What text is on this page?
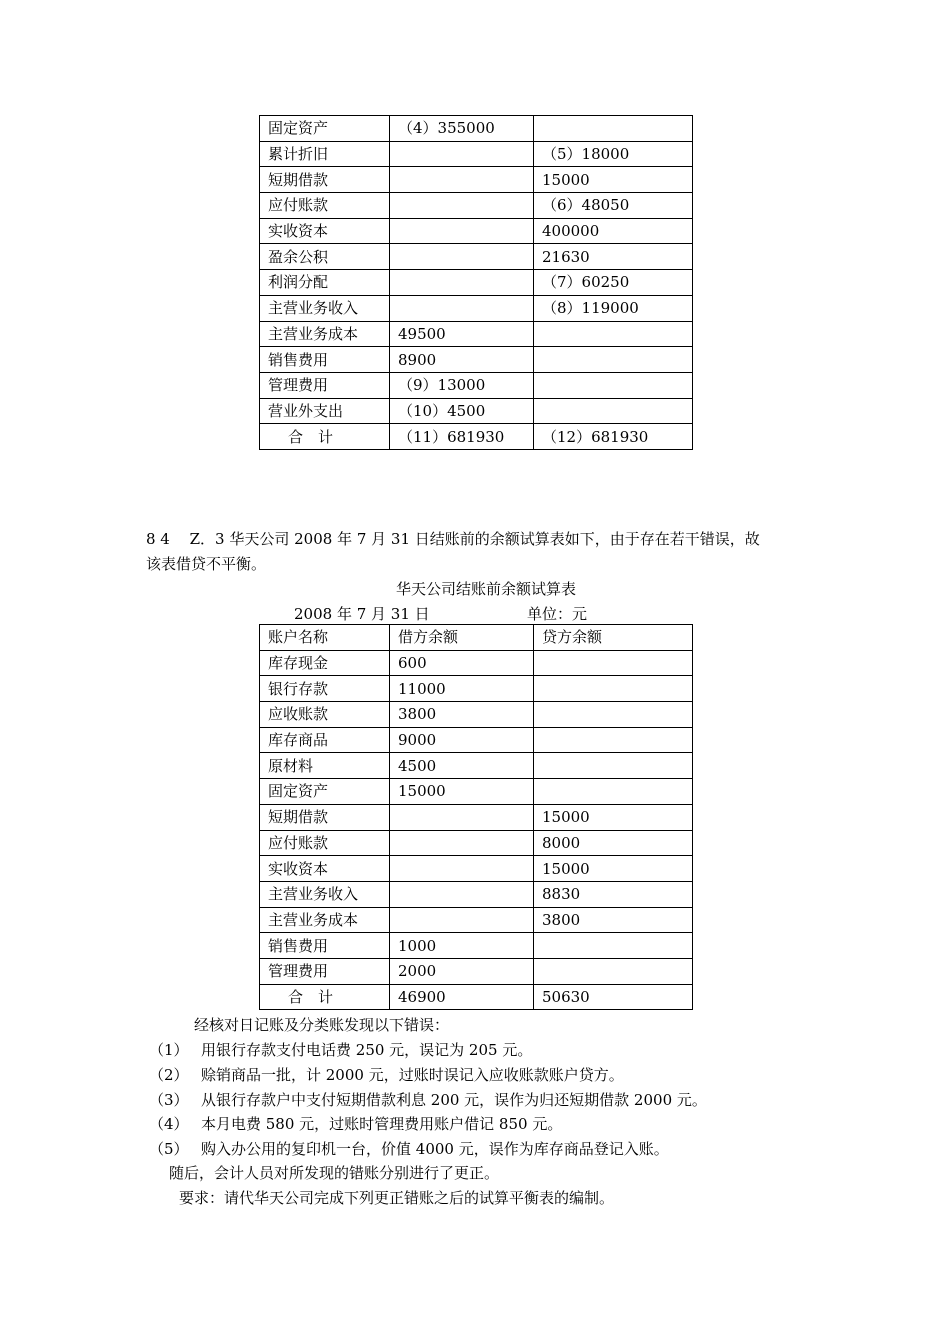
固定资产	（4）355000	
累计折旧		（5）18000
短期借款		15000
应付账款		（6）48050
实收资本		400000
盈余公积		21630
利润分配		（7）60250
主营业务收入		（8）119000
主营业务成本	49500	
销售费用	8900	
管理费用	（9）13000	
营业外支出	（10）4500	
合　计	（11）681930	（12）681930
8 4　 Z．3 华天公司 2008 年 7 月 31 日结账前的余额试算表如下，由于存在若干错误，故
该表借贷不平衡。
华天公司结账前余额试算表
2008 年 7 月 31 日	单位：元
账户名称	借方余额	贷方余额
库存现金	600	
银行存款	11000	
应收账款	3800	
库存商品	9000	
原材料	4500	
固定资产	15000	
短期借款		15000
应付账款		8000
实收资本		15000
主营业务收入		8830
主营业务成本		3800
销售费用	1000	
管理费用	2000	
合　计	46900	50630
经核对日记账及分类账发现以下错误：
（1） 用银行存款支付电话费 250 元，误记为 205 元。
（2） 赊销商品一批，计 2000 元，过账时误记入应收账款账户贷方。
（3） 从银行存款户中支付短期借款利息 200 元，误作为归还短期借款 2000 元。
（4） 本月电费 580 元，过账时管理费用账户借记 850 元。
（5） 购入办公用的复印机一台，价值 4000 元，误作为库存商品登记入账。
随后，会计人员对所发现的错账分别进行了更正。
要求：请代华天公司完成下列更正错账之后的试算平衡表的编制。
